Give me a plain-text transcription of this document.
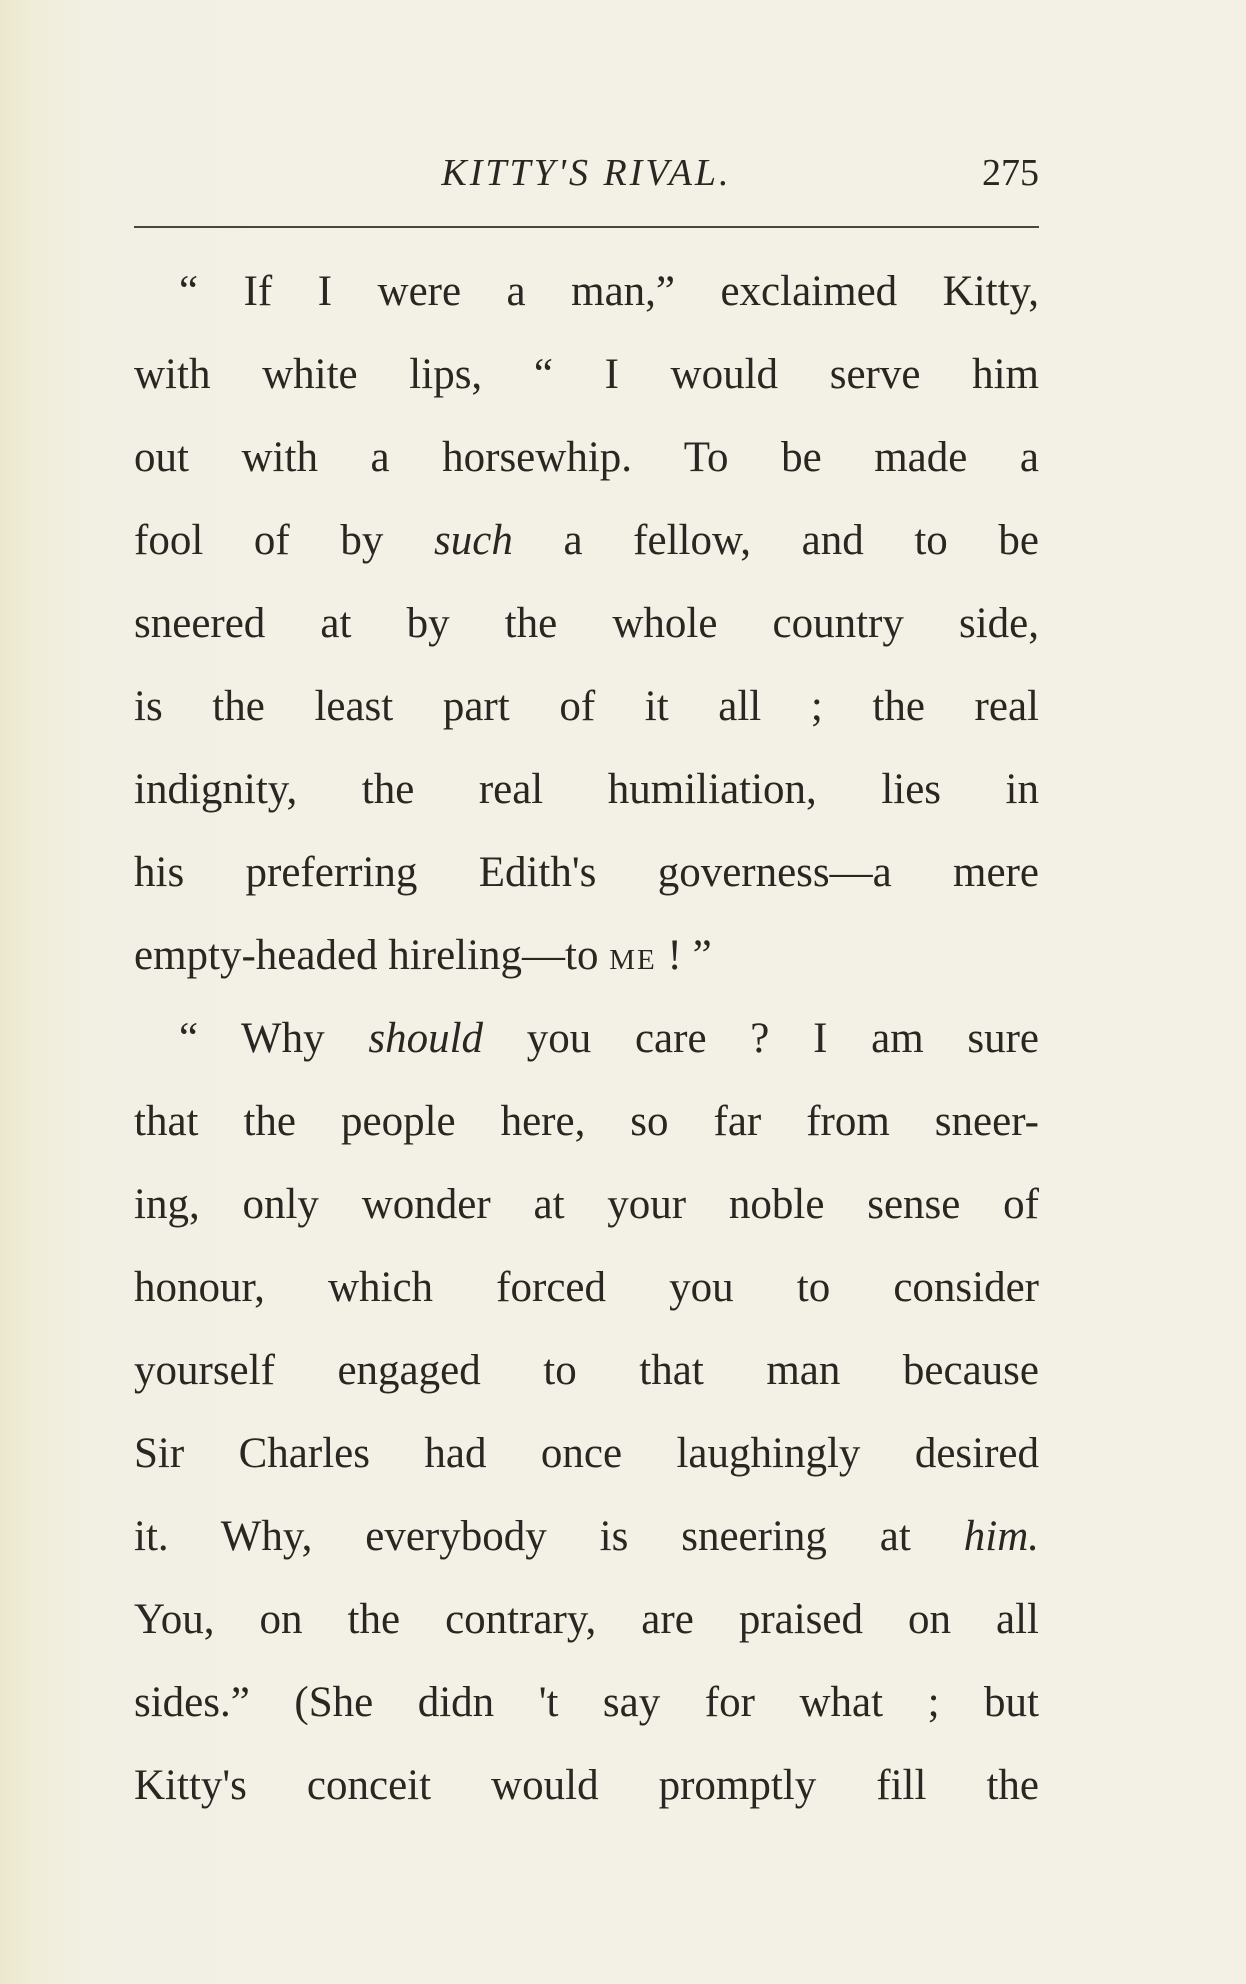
KITTY'S RIVAL.	275
“ If I were a man,” exclaimed Kitty,
with white lips, “ I would serve him
out with a horsewhip. To be made a
fool of by such a fellow, and to be
sneered at by the whole country side,
is the least part of it all ; the real
indignity, the real humiliation, lies in
his preferring Edith's governess—a mere
empty-headed hireling—to ME ! ”
“ Why should you care ? I am sure
that the people here, so far from sneer-
ing, only wonder at your noble sense of
honour, which forced you to consider
yourself engaged to that man because
Sir Charles had once laughingly desired
it. Why, everybody is sneering at him.
You, on the contrary, are praised on all
sides.” (She didn 't say for what ; but
Kitty's conceit would promptly fill the
